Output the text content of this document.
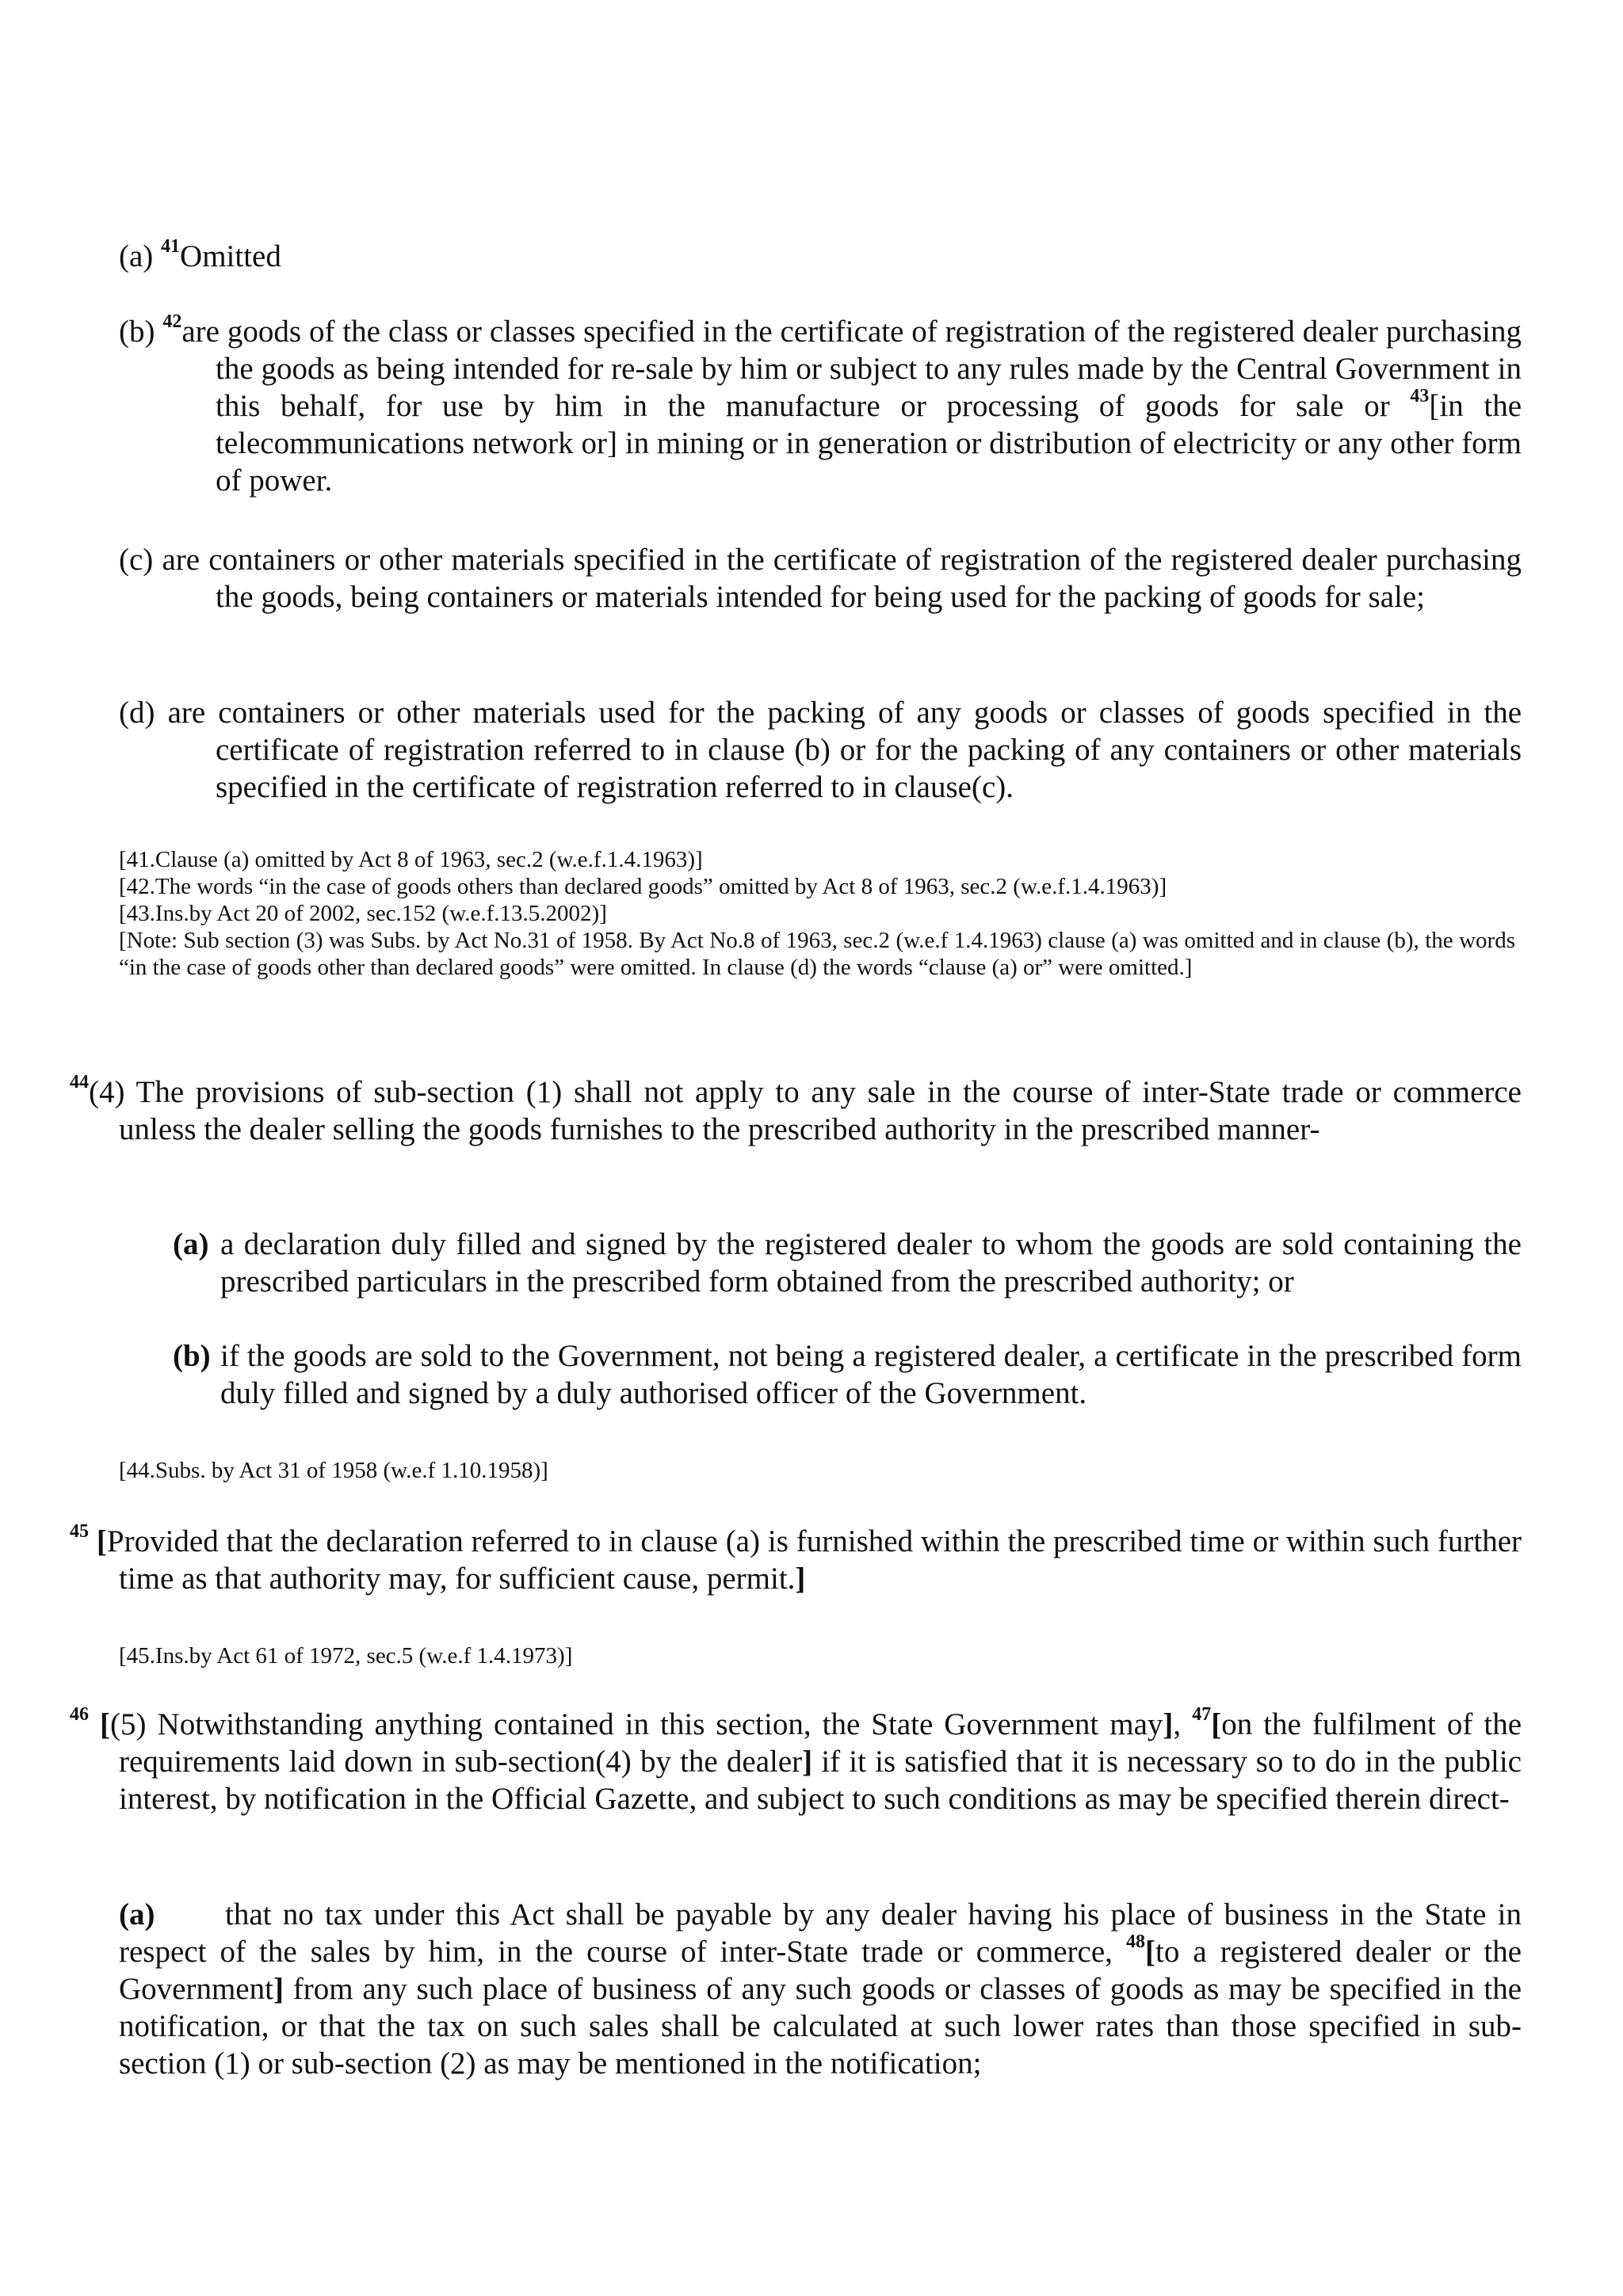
(a) $^{41}$Omitted
(b) $^{42}$are goods of the class or classes specified in the certificate of registration of the registered dealer purchasing the goods as being intended for re-sale by him or subject to any rules made by the Central Government in this behalf, for use by him in the manufacture or processing of goods for sale or $^{43}$[in the telecommunications network or] in mining or in generation or distribution of electricity or any other form of power.
(c) are containers or other materials specified in the certificate of registration of the registered dealer purchasing the goods, being containers or materials intended for being used for the packing of goods for sale;
(d) are containers or other materials used for the packing of any goods or classes of goods specified in the certificate of registration referred to in clause (b) or for the packing of any containers or other materials specified in the certificate of registration referred to in clause(c).
[41.Clause (a) omitted by Act 8 of 1963, sec.2 (w.e.f.1.4.1963)]
[42.The words “in the case of goods others than declared goods” omitted by Act 8 of 1963, sec.2 (w.e.f.1.4.1963)]
[43.Ins.by Act 20 of 2002, sec.152 (w.e.f.13.5.2002)]
[Note: Sub section (3) was Subs. by Act No.31 of 1958. By Act No.8 of 1963, sec.2 (w.e.f 1.4.1963) clause (a) was omitted and in clause (b), the words “in the case of goods other than declared goods” were omitted. In clause (d) the words “clause (a) or” were omitted.]
$^{44}$(4) The provisions of sub-section (1) shall not apply to any sale in the course of inter-State trade or commerce unless the dealer selling the goods furnishes to the prescribed authority in the prescribed manner-
(a) a declaration duly filled and signed by the registered dealer to whom the goods are sold containing the prescribed particulars in the prescribed form obtained from the prescribed authority; or
(b) if the goods are sold to the Government, not being a registered dealer, a certificate in the prescribed form duly filled and signed by a duly authorised officer of the Government.
[44.Subs. by Act 31 of 1958 (w.e.f 1.10.1958)]
$^{45}$ [Provided that the declaration referred to in clause (a) is furnished within the prescribed time or within such further time as that authority may, for sufficient cause, permit.]
[45.Ins.by Act 61 of 1972, sec.5 (w.e.f 1.4.1973)]
$^{46}$ [(5) Notwithstanding anything contained in this section, the State Government may], $^{47}$[on the fulfilment of the requirements laid down in sub-section(4) by the dealer] if it is satisfied that it is necessary so to do in the public interest, by notification in the Official Gazette, and subject to such conditions as may be specified therein direct-
(a) that no tax under this Act shall be payable by any dealer having his place of business in the State in respect of the sales by him, in the course of inter-State trade or commerce, $^{48}$[to a registered dealer or the Government] from any such place of business of any such goods or classes of goods as may be specified in the notification, or that the tax on such sales shall be calculated at such lower rates than those specified in sub-section (1) or sub-section (2) as may be mentioned in the notification;
